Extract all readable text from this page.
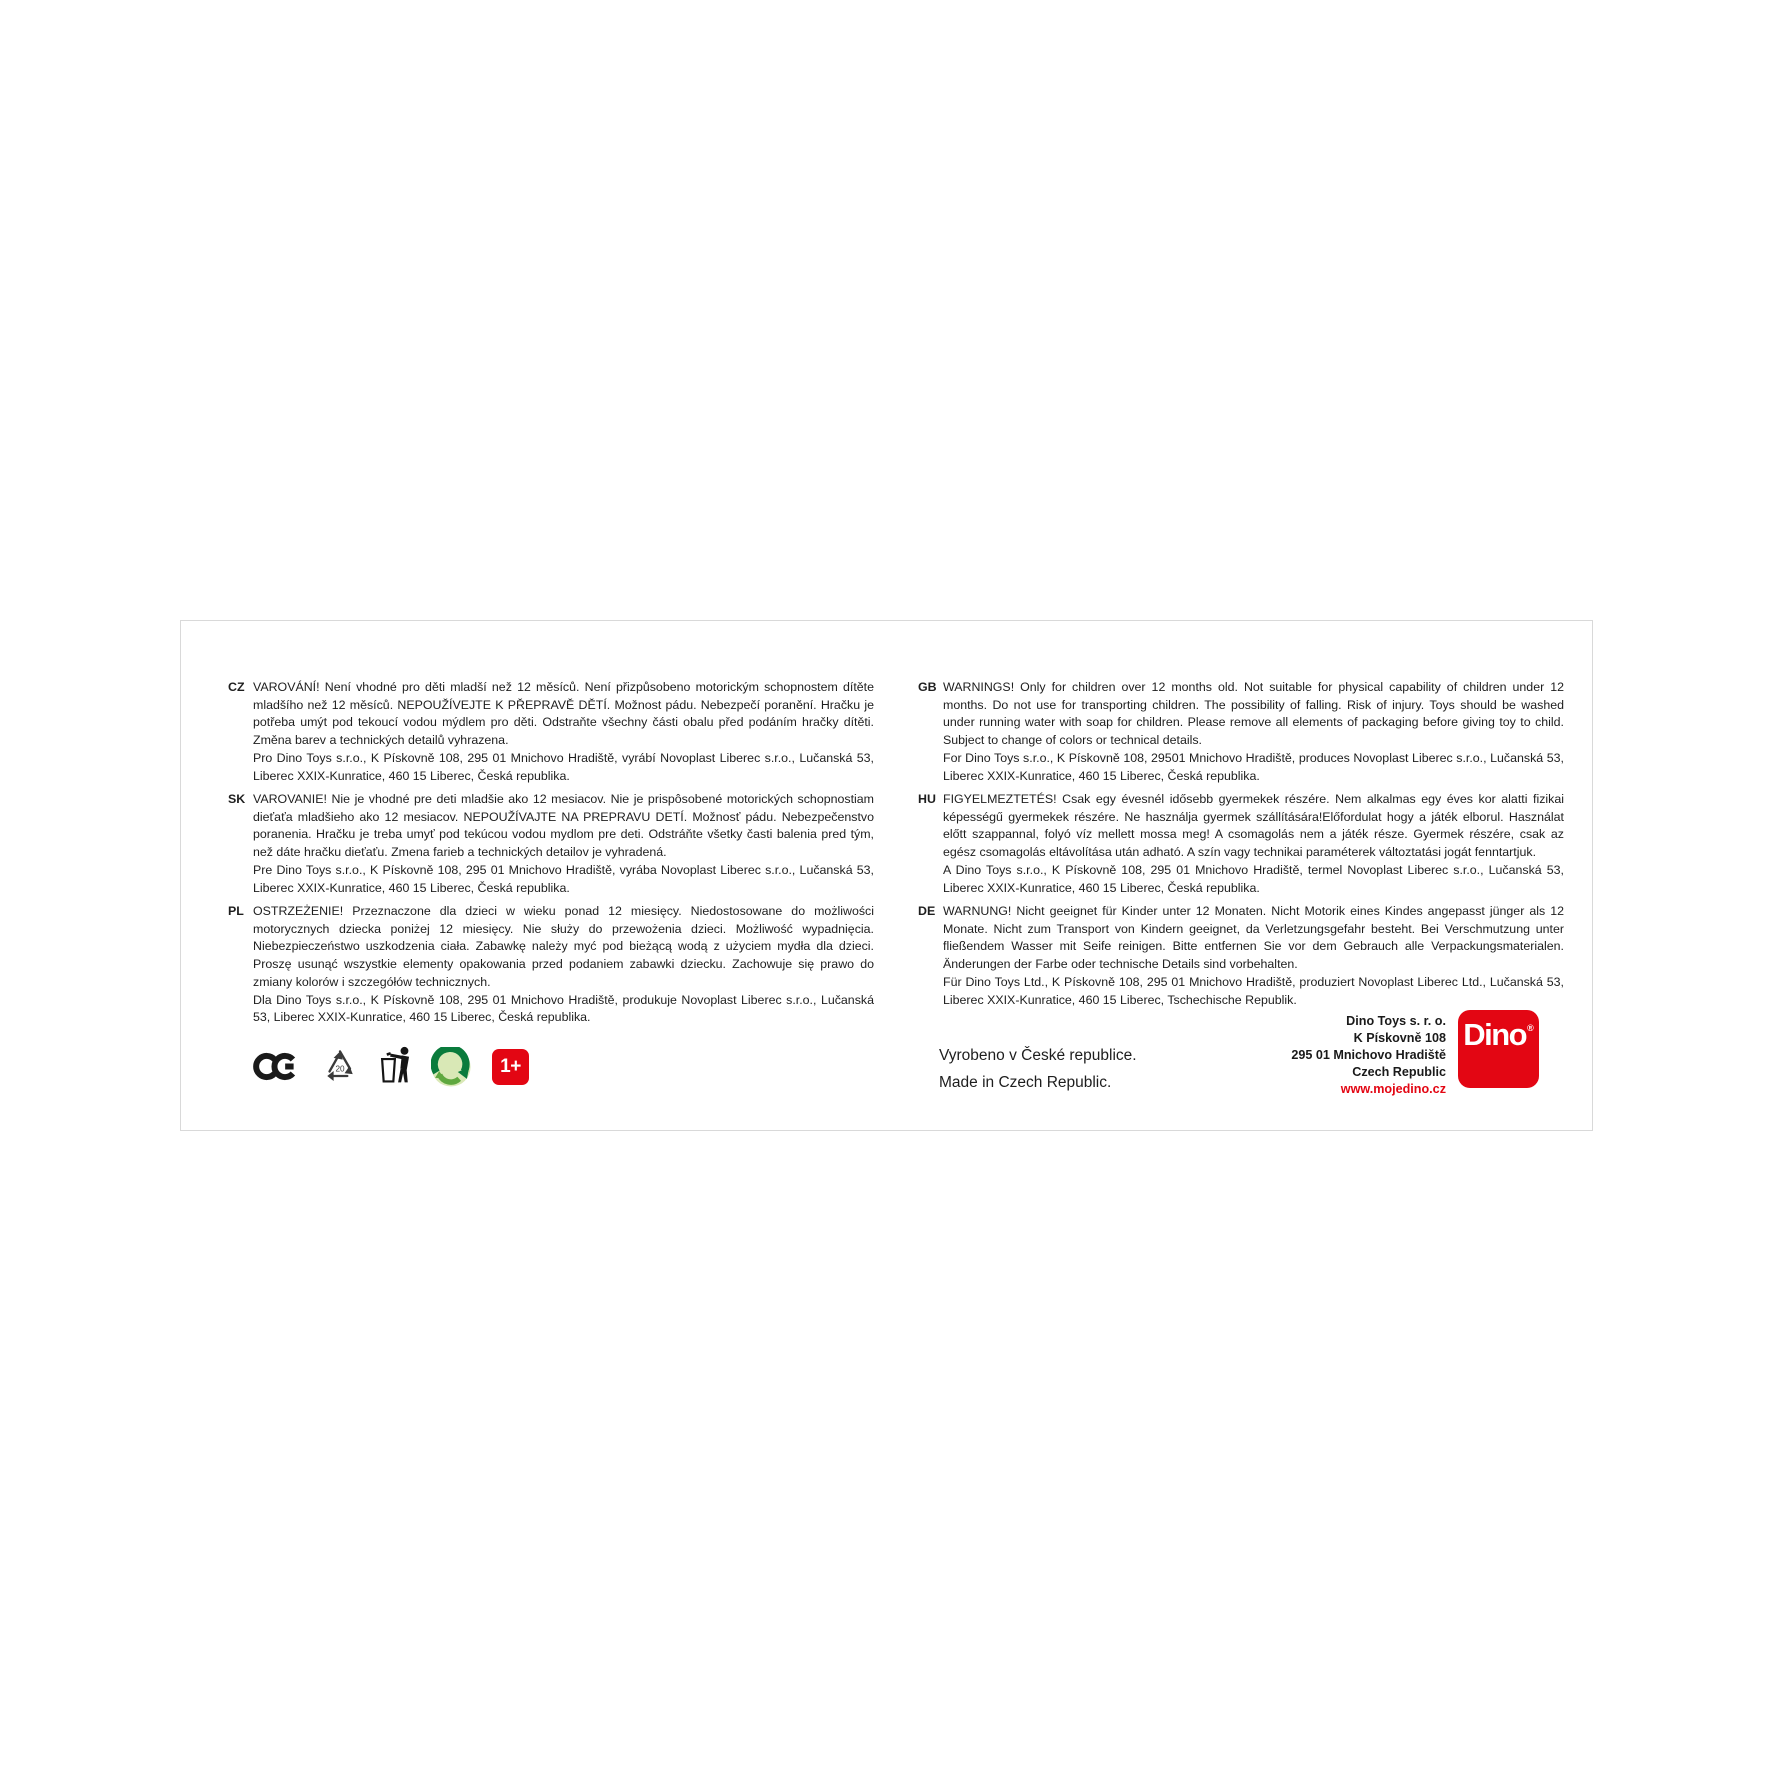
CZ VAROVÁNÍ! Není vhodné pro děti mladší než 12 měsíců. Není přizpůsobeno motorickým schopnostem dítěte mladšího než 12 měsíců. NEPOUŽÍVEJTE K PŘEPRAVĚ DĚTÍ. Možnost pádu. Nebezpečí poranění. Hračku je potřeba umýt pod tekoucí vodou mýdlem pro děti. Odstraňte všechny části obalu před podáním hračky dítěti. Změna barev a technických detailů vyhrazena.
Pro Dino Toys s.r.o., K Pískovně 108, 295 01 Mnichovo Hradiště, vyrábí Novoplast Liberec s.r.o., Lučanská 53, Liberec XXIX-Kunratice, 460 15 Liberec, Česká republika.
SK VAROVANIE! Nie je vhodné pre deti mladšie ako 12 mesiacov. Nie je prispôsobené motorických schopnostiam dieťaťa mladšieho ako 12 mesiacov. NEPOUŽÍVAJTE NA PREPRAVU DETÍ. Možnosť pádu. Nebezpečenstvo poranenia. Hračku je treba umyť pod tekúcou vodou mydlom pre deti. Odstráňte všetky časti balenia pred tým, než dáte hračku dieťaťu. Zmena farieb a technických detailov je vyhradená.
Pre Dino Toys s.r.o., K Pískovně 108, 295 01 Mnichovo Hradiště, vyrába Novoplast Liberec s.r.o., Lučanská 53, Liberec XXIX-Kunratice, 460 15 Liberec, Česká republika.
PL OSTRZEŻENIE! Przeznaczone dla dzieci w wieku ponad 12 miesięcy. Niedostosowane do możliwości motorycznych dziecka poniżej 12 miesięcy. Nie służy do przewożenia dzieci. Możliwość wypadnięcia. Niebezpieczeństwo uszkodzenia ciała. Zabawkę należy myć pod bieżącą wodą z użyciem mydła dla dzieci. Proszę usunąć wszystkie elementy opakowania przed podaniem zabawki dziecku. Zachowuje się prawo do zmiany kolorów i szczegółów technicznych.
Dla Dino Toys s.r.o., K Pískovně 108, 295 01 Mnichovo Hradiště, produkuje Novoplast Liberec s.r.o., Lučanská 53, Liberec XXIX-Kunratice, 460 15 Liberec, Česká republika.
GB WARNINGS! Only for children over 12 months old. Not suitable for physical capability of children under 12 months. Do not use for transporting children. The possibility of falling. Risk of injury. Toys should be washed under running water with soap for children. Please remove all elements of packaging before giving toy to child. Subject to change of colors or technical details.
For Dino Toys s.r.o., K Pískovně 108, 29501 Mnichovo Hradiště, produces Novoplast Liberec s.r.o., Lučanská 53, Liberec XXIX-Kunratice, 460 15 Liberec, Česká republika.
HU FIGYELMEZTETÉS! Csak egy évesnél idősebb gyermekek részére. Nem alkalmas egy éves kor alatti fizikai képességű gyermekek részére. Ne használja gyermek szállítására!Előfordulat hogy a játék elborul. Használat előtt szappannal, folyó víz mellett mossa meg! A csomagolás nem a játék része. Gyermek részére, csak az egész csomagolás eltávolítása után adható. A szín vagy technikai paraméterek változtatási jogát fenntartjuk.
A Dino Toys s.r.o., K Pískovně 108, 295 01 Mnichovo Hradiště, termel Novoplast Liberec s.r.o., Lučanská 53, Liberec XXIX-Kunratice, 460 15 Liberec, Česká republika.
DE WARNUNG! Nicht geeignet für Kinder unter 12 Monaten. Nicht Motorik eines Kindes angepasst jünger als 12 Monate. Nicht zum Transport von Kindern geeignet, da Verletzungsgefahr besteht. Bei Verschmutzung unter fließendem Wasser mit Seife reinigen. Bitte entfernen Sie vor dem Gebrauch alle Verpackungsmaterialen. Änderungen der Farbe oder technische Details sind vorbehalten.
Für Dino Toys Ltd., K Pískovně 108, 295 01 Mnichovo Hradiště, produziert Novoplast Liberec Ltd., Lučanská 53, Liberec XXIX-Kunratice, 460 15 Liberec, Tschechische Republik.
20	1+
Vyrobeno v České republice.
Made in Czech Republic.
Dino Toys s. r. o.
K Pískovně 108
295 01 Mnichovo Hradiště
Czech Republic
www.mojedino.cz
Dino®
